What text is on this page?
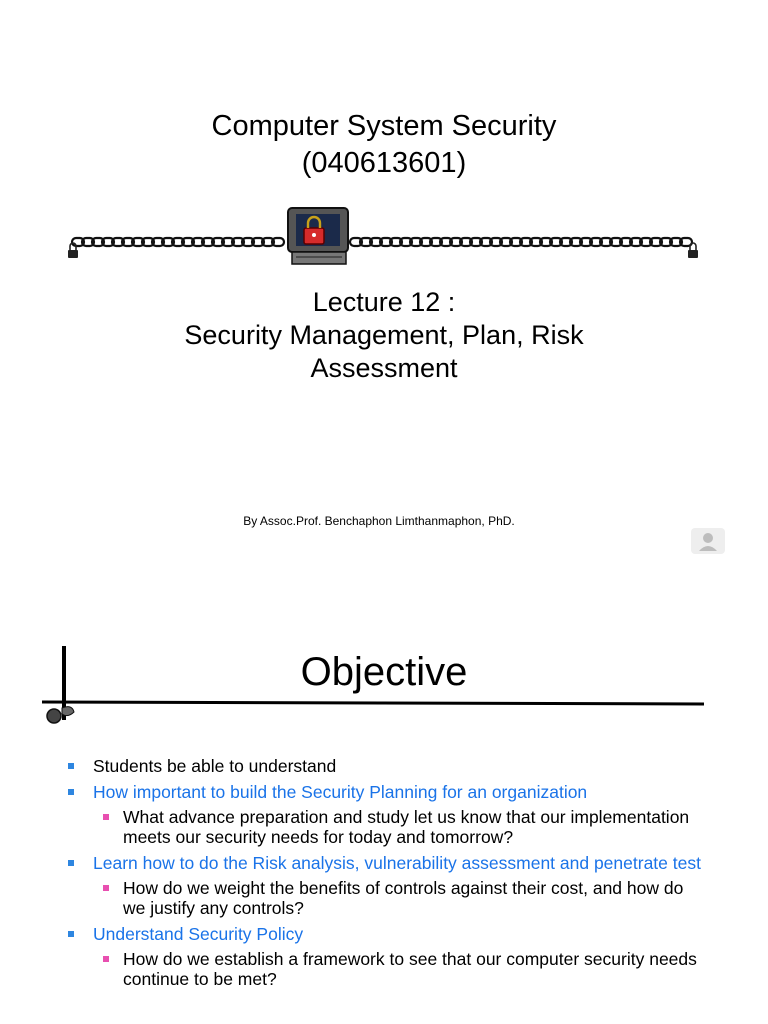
Computer System Security
(040613601)
Lecture 12 :
Security Management, Plan, Risk
Assessment
By Assoc.Prof. Benchaphon Limthanmaphon, PhD.
Objective
Students be able to understand
How important to build the Security Planning for an organization
What advance preparation and study let us know that our implementation meets our security needs for today and tomorrow?
Learn how to do the Risk analysis, vulnerability assessment and penetrate test
How do we weight the benefits of controls against their cost, and how do we justify any controls?
Understand Security Policy
How do we establish a framework to see that our computer security needs continue to be met?
